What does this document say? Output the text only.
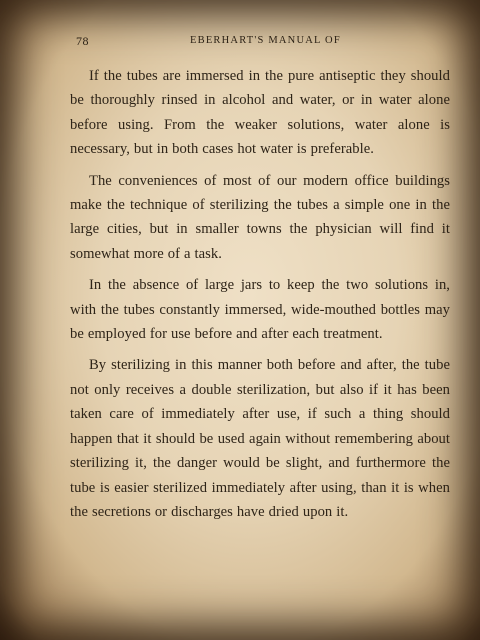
78	EBERHART'S MANUAL OF

If the tubes are immersed in the pure antiseptic they should be thoroughly rinsed in alcohol and water, or in water alone before using. From the weaker solutions, water alone is necessary, but in both cases hot water is preferable.

The conveniences of most of our modern office buildings make the technique of sterilizing the tubes a simple one in the large cities, but in smaller towns the physician will find it somewhat more of a task.

In the absence of large jars to keep the two solutions in, with the tubes constantly immersed, wide-mouthed bottles may be employed for use before and after each treatment.

By sterilizing in this manner both before and after, the tube not only receives a double sterilization, but also if it has been taken care of immediately after use, if such a thing should happen that it should be used again without remembering about sterilizing it, the danger would be slight, and furthermore the tube is easier sterilized immediately after using, than it is when the secretions or discharges have dried upon it.
